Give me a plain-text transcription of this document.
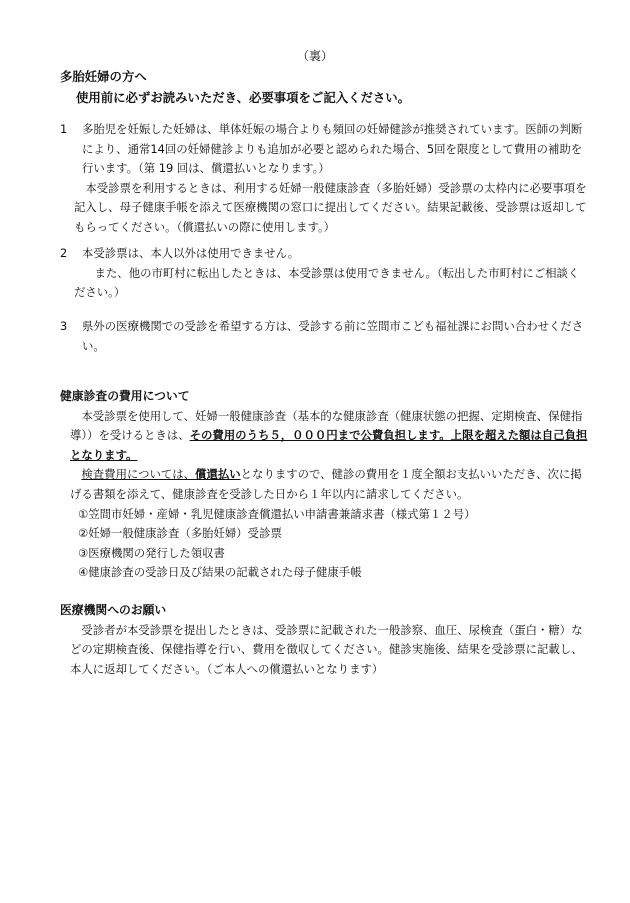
（裏）
多胎妊婦の方へ
使用前に必ずお読みいただき、必要事項をご記入ください。
1	多胎児を妊娠した妊婦は、単体妊娠の場合よりも頻回の妊婦健診が推奨されています。医師の判断により、通常14回の妊婦健診よりも追加が必要と認められた場合、5回を限度として費用の補助を行います。（第 19 回は、償還払いとなります。）
本受診票を利用するときは、利用する妊婦一般健康診査（多胎妊婦）受診票の太枠内に必要事項を記入し、母子健康手帳を添えて医療機関の窓口に提出してください。結果記載後、受診票は返却してもらってください。（償還払いの際に使用します。）
2	本受診票は、本人以外は使用できません。
また、他の市町村に転出したときは、本受診票は使用できません。（転出した市町村にご相談ください。）
3	県外の医療機関での受診を希望する方は、受診する前に笠間市こども福祉課にお問い合わせください。
健康診査の費用について
本受診票を使用して、妊婦一般健康診査（基本的な健康診査（健康状態の把握、定期検査、保健指導））を受けるときは、その費用のうち５，０００円まで公費負担します。上限を超えた額は自己負担となります。
検査費用については、償還払いとなりますので、健診の費用を１度全額お支払いいただき、次に掲げる書類を添えて、健康診査を受診した日から１年以内に請求してください。
①笠間市妊婦・産婦・乳児健康診査償還払い申請書兼請求書（様式第１２号）
②妊婦一般健康診査（多胎妊婦）受診票
③医療機関の発行した領収書
④健康診査の受診日及び結果の記載された母子健康手帳
医療機関へのお願い
受診者が本受診票を提出したときは、受診票に記載された一般診察、血圧、尿検査（蛋白・糖）などの定期検査後、保健指導を行い、費用を徴収してください。健診実施後、結果を受診票に記載し、本人に返却してください。（ご本人への償還払いとなります）
